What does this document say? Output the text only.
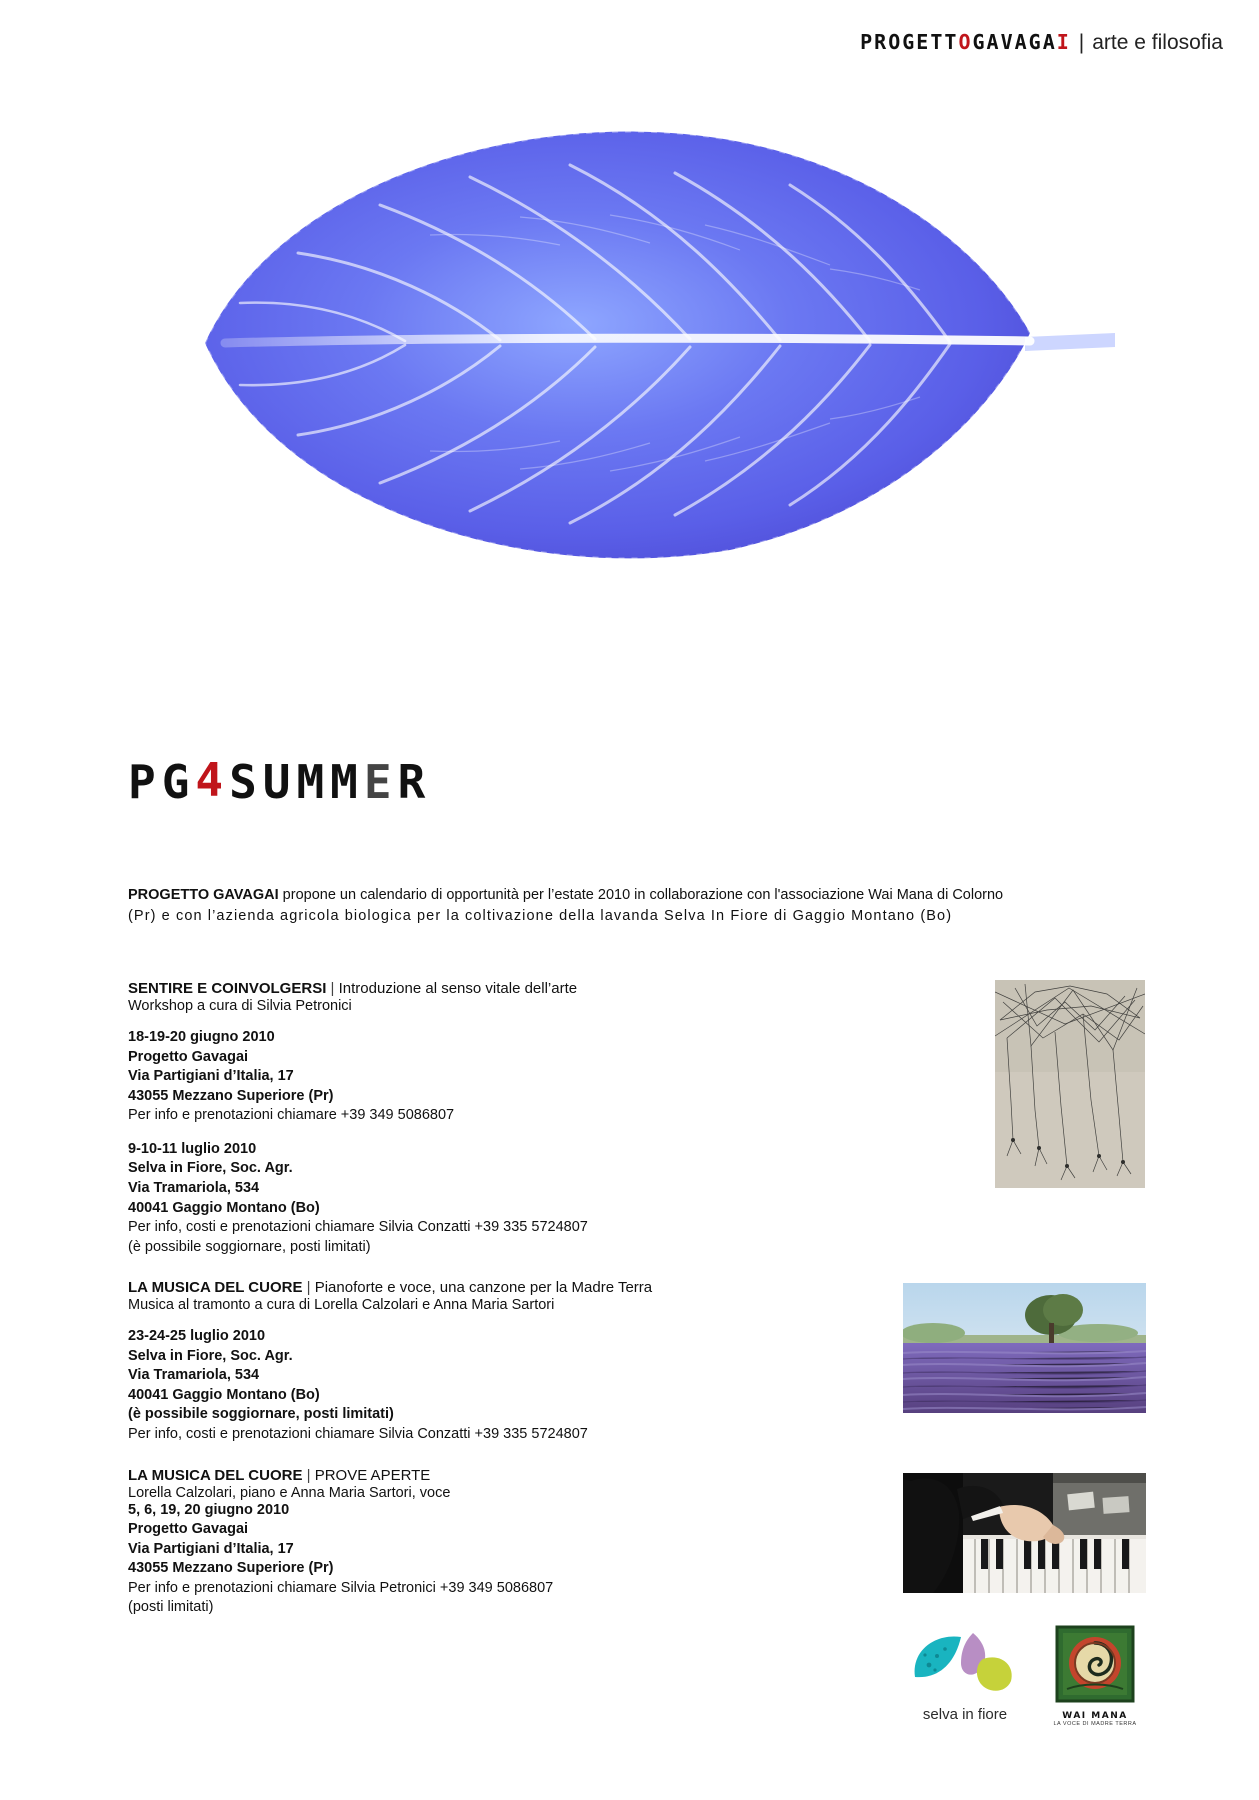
PROGETT O GAVAGA I | arte e filosofia
PG 4 SUMM E R
PROGETTO GAVAGAI propone un calendario di opportunità per l’estate 2010 in collaborazione con l'associazione Wai Mana di Colorno
(Pr) e con l’azienda agricola biologica per la coltivazione della lavanda Selva In Fiore di Gaggio Montano (Bo)
SENTIRE E COINVOLGERSI | Introduzione al senso vitale dell’arte
Workshop a cura di Silvia Petronici
18-19-20 giugno 2010
Progetto Gavagai
Via Partigiani d’Italia, 17
43055 Mezzano Superiore (Pr)
Per info e prenotazioni chiamare +39 349 5086807
9-10-11 luglio 2010
Selva in Fiore, Soc. Agr.
Via Tramariola, 534
40041 Gaggio Montano (Bo)
Per info, costi e prenotazioni chiamare Silvia Conzatti +39 335 5724807
(è possibile soggiornare, posti limitati)
LA MUSICA DEL CUORE | Pianoforte e voce, una canzone per la Madre Terra
Musica al tramonto a cura di Lorella Calzolari e Anna Maria Sartori
23-24-25 luglio 2010
Selva in Fiore, Soc. Agr.
Via Tramariola, 534
40041 Gaggio Montano (Bo)
(è possibile soggiornare, posti limitati)
Per info, costi e prenotazioni chiamare Silvia Conzatti +39 335 5724807
LA MUSICA DEL CUORE | PROVE APERTE
Lorella Calzolari, piano e Anna Maria Sartori, voce
5, 6, 19, 20 giugno 2010
Progetto Gavagai
Via Partigiani d’Italia, 17
43055 Mezzano Superiore (Pr)
Per info e prenotazioni chiamare Silvia Petronici +39 349 5086807
(posti limitati)
selva in fiore	WAI MANA
LA VOCE DI MADRE TERRA
